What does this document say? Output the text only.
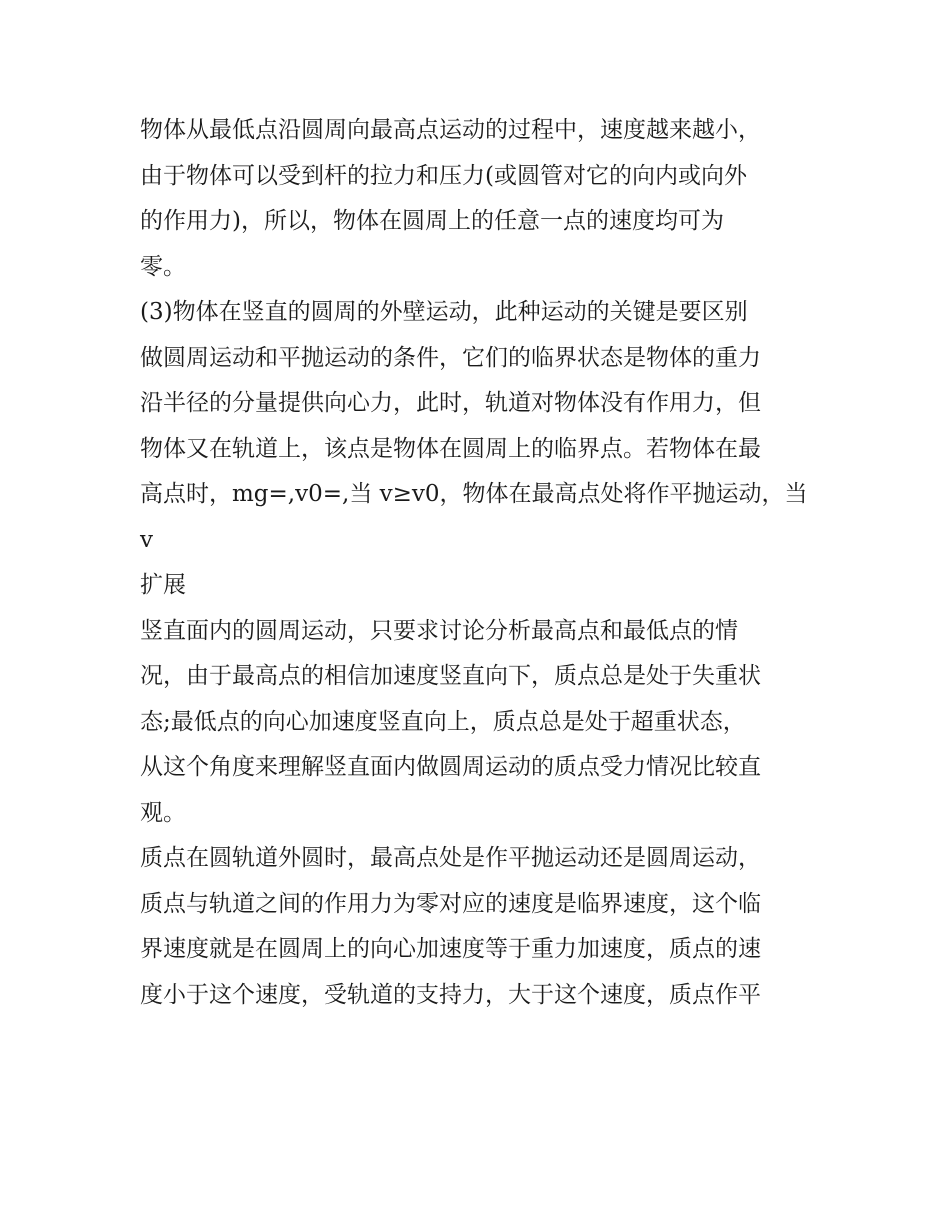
物体从最低点沿圆周向最高点运动的过程中，速度越来越小，
由于物体可以受到杆的拉力和压力(或圆管对它的向内或向外
的作用力)，所以，物体在圆周上的任意一点的速度均可为
零。
(3)物体在竖直的圆周的外壁运动，此种运动的关键是要区别
做圆周运动和平抛运动的条件，它们的临界状态是物体的重力
沿半径的分量提供向心力，此时，轨道对物体没有作用力，但
物体又在轨道上，该点是物体在圆周上的临界点。若物体在最
高点时，mg=,v0=,当 v≥v0，物体在最高点处将作平抛运动，当
v
扩展
竖直面内的圆周运动，只要求讨论分析最高点和最低点的情
况，由于最高点的相信加速度竖直向下，质点总是处于失重状
态;最低点的向心加速度竖直向上，质点总是处于超重状态，
从这个角度来理解竖直面内做圆周运动的质点受力情况比较直
观。
质点在圆轨道外圆时，最高点处是作平抛运动还是圆周运动，
质点与轨道之间的作用力为零对应的速度是临界速度，这个临
界速度就是在圆周上的向心加速度等于重力加速度，质点的速
度小于这个速度，受轨道的支持力，大于这个速度，质点作平
